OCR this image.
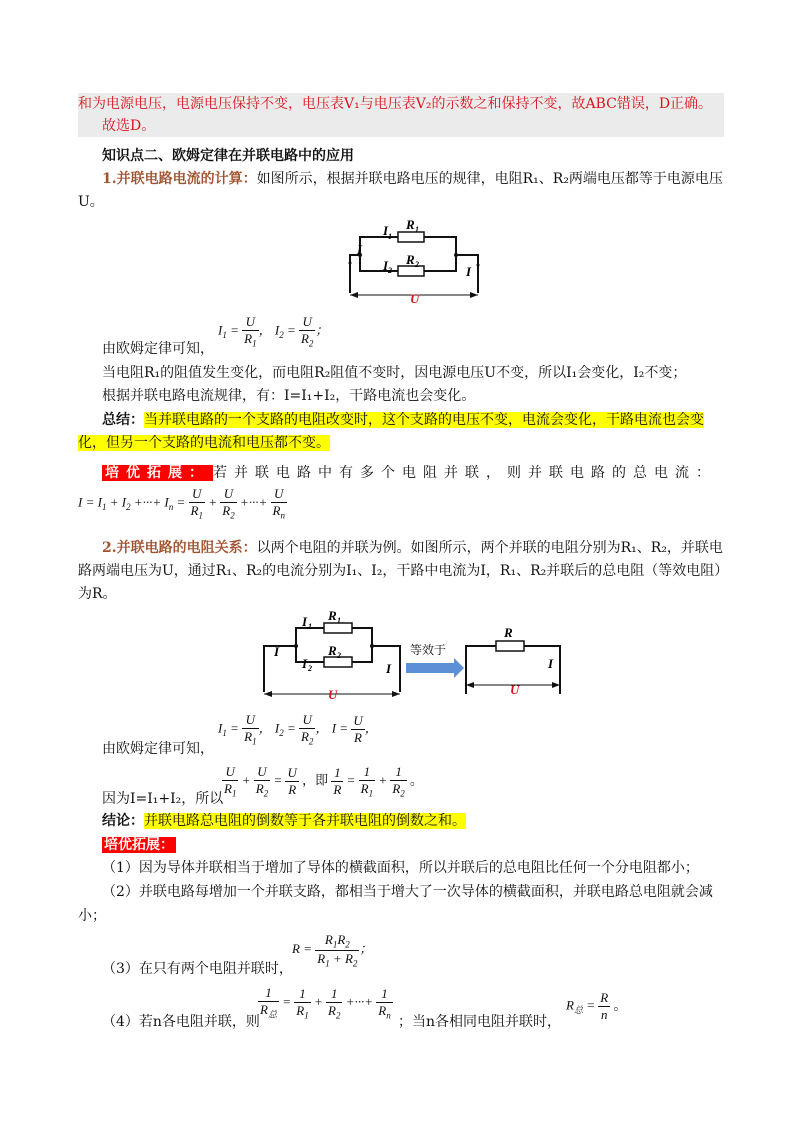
和为电源电压，电源电压保持不变，电压表V₁与电压表V₂的示数之和保持不变，故ABC错误，D正确。
故选D。
知识点二、欧姆定律在并联电路中的应用
1.并联电路电流的计算：如图所示，根据并联电路电压的规律，电阻R₁、R₂两端电压都等于电源电压
U。
I
I 1
R 1
I 2
R 2	I
U
由欧姆定律可知，
$I_1 = \frac{U}{R_1}$ ， $I_2 = \frac{U}{R_2}$ ；
当电阻R₁的阻值发生变化，而电阻R₂阻值不变时，因电源电压U不变，所以I₁会变化，I₂不变；
根据并联电路电流规律，有：I=I₁+I₂，干路电流也会变化。
总结：当并联电路的一个支路的电阻改变时，这个支路的电压不变，电流会变化，干路电流也会变
化，但另一个支路的电流和电压都不变。
培优拓展： 若并联电路中有多个电阻并联，则并联电路的总电流：
$I = I_1 + I_2$ +···+ $I_n = \frac{U}{R_1} + \frac{U}{R_2}$ +···+ $\frac{U}{R_n}$
2.并联电路的电阻关系：以两个电阻的并联为例。如图所示，两个并联的电阻分别为R₁、R₂，并联电
路两端电压为U，通过R₁、R₂的电流分别为I₁、I₂，干路中电流为I，R₁、R₂并联后的总电阻（等效电阻）
为R。
等效于
I
I 1
R 1
I 2
R 2
I
U
R
I
U
由欧姆定律可知，
$I_1 = \frac{U}{R_1}$ ， $I_2 = \frac{U}{R_2}$ ， $I = \frac{U}{R}$ ，
因为I=I₁+I₂，所以
$\frac{U}{R_1} + \frac{U}{R_2} = \frac{U}{R}$ ，即 $\frac{1}{R} = \frac{1}{R_1} + \frac{1}{R_2}$ 。
结论：并联电路总电阻的倒数等于各并联电阻的倒数之和。
培优拓展：
（1）因为导体并联相当于增加了导体的横截面积，所以并联后的总电阻比任何一个分电阻都小；
（2）并联电路每增加一个并联支路，都相当于增大了一次导体的横截面积，并联电路总电阻就会减
小；
（3）在只有两个电阻并联时，
$R = \frac{R_1R_2}{R_1 + R_2}$ ；
（4）若n各电阻并联，则
$\frac{1}{R_总} = \frac{1}{R_1} + \frac{1}{R_2}$ +···+ $\frac{1}{R_n}$
；当n各相同电阻并联时，
$R_总 = \frac{R}{n}$ 。
